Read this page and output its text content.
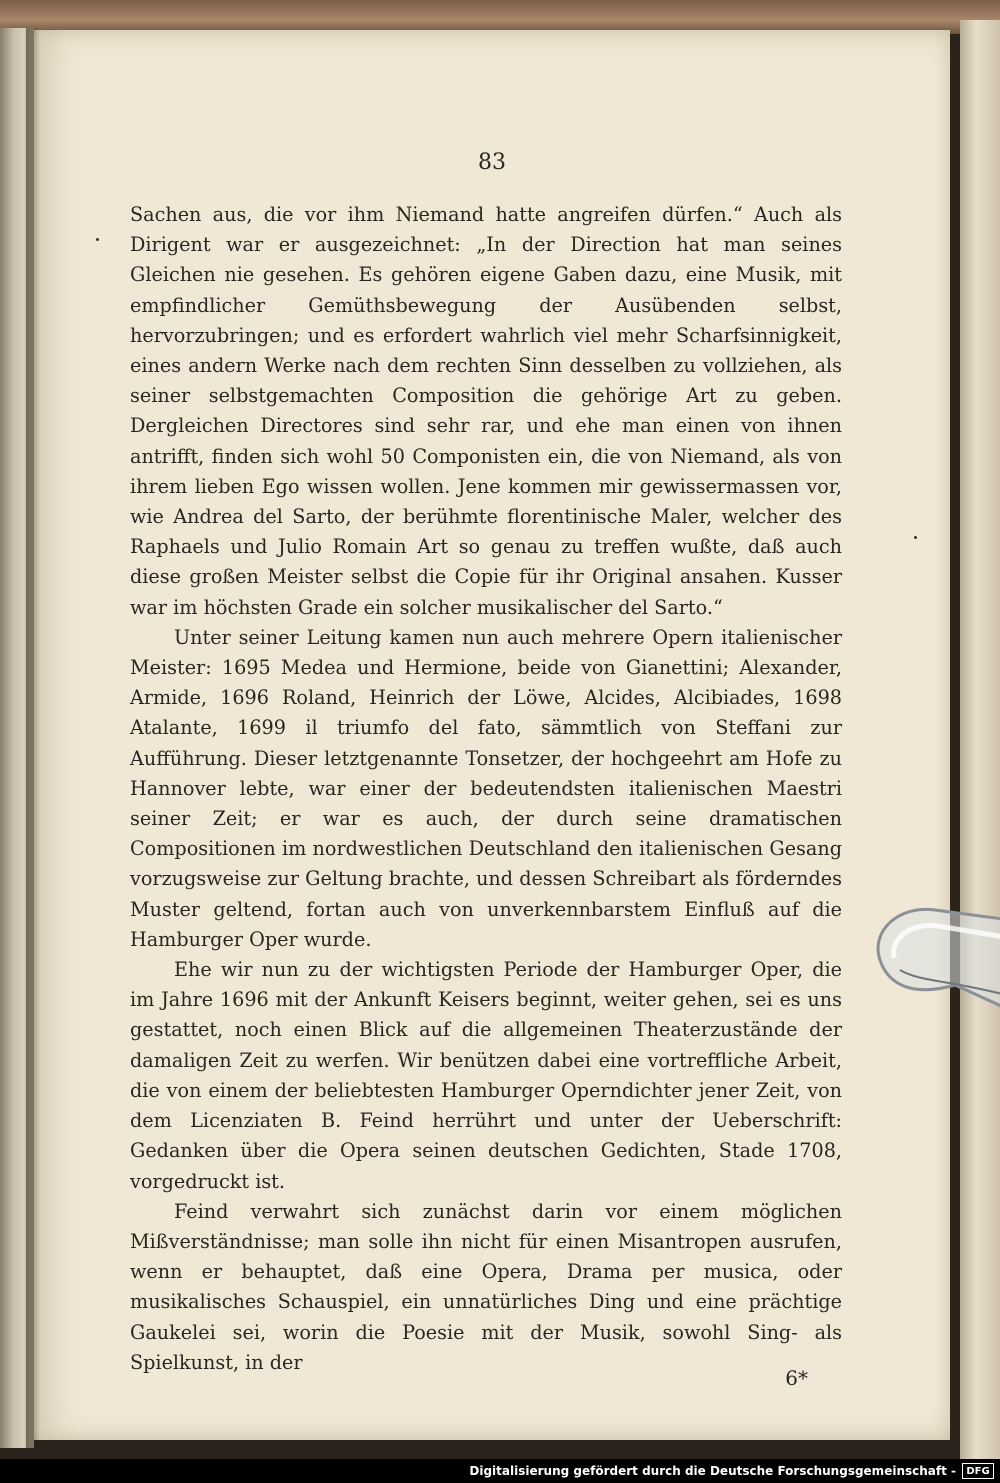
83

Sachen aus, die vor ihm Niemand hatte angreifen dürfen.“ Auch als Dirigent war er ausgezeichnet: „In der Direction hat man seines Gleichen nie gesehen. Es gehören eigene Gaben dazu, eine Musik, mit empfindlicher Gemüthsbewegung der Ausübenden selbst, hervorzubringen; und es erfordert wahrlich viel mehr Scharfsinnigkeit, eines andern Werke nach dem rechten Sinn desselben zu vollziehen, als seiner selbstgemachten Composition die gehörige Art zu geben. Dergleichen Directores sind sehr rar, und ehe man einen von ihnen antrifft, finden sich wohl 50 Componisten ein, die von Niemand, als von ihrem lieben Ego wissen wollen. Jene kommen mir gewissermassen vor, wie Andrea del Sarto, der berühmte florentinische Maler, welcher des Raphaels und Julio Romain Art so genau zu treffen wußte, daß auch diese großen Meister selbst die Copie für ihr Original ansahen. Kusser war im höchsten Grade ein solcher musikalischer del Sarto.“

Unter seiner Leitung kamen nun auch mehrere Opern italienischer Meister: 1695 Medea und Hermione, beide von Gianettini; Alexander, Armide, 1696 Roland, Heinrich der Löwe, Alcides, Alcibiades, 1698 Atalante, 1699 il triumfo del fato, sämmtlich von Steffani zur Aufführung. Dieser letztgenannte Tonsetzer, der hochgeehrt am Hofe zu Hannover lebte, war einer der bedeutendsten italienischen Maestri seiner Zeit; er war es auch, der durch seine dramatischen Compositionen im nordwestlichen Deutschland den italienischen Gesang vorzugsweise zur Geltung brachte, und dessen Schreibart als förderndes Muster geltend, fortan auch von unverkennbarstem Einfluß auf die Hamburger Oper wurde.

Ehe wir nun zu der wichtigsten Periode der Hamburger Oper, die im Jahre 1696 mit der Ankunft Keisers beginnt, weiter gehen, sei es uns gestattet, noch einen Blick auf die allgemeinen Theaterzustände der damaligen Zeit zu werfen. Wir benützen dabei eine vortreffliche Arbeit, die von einem der beliebtesten Hamburger Operndichter jener Zeit, von dem Licenziaten B. Feind herrührt und unter der Ueberschrift: Gedanken über die Opera seinen deutschen Gedichten, Stade 1708, vorgedruckt ist.

Feind verwahrt sich zunächst darin vor einem möglichen Mißverständnisse; man solle ihn nicht für einen Misantropen ausrufen, wenn er behauptet, daß eine Opera, Drama per musica, oder musikalisches Schauspiel, ein unnatürliches Ding und eine prächtige Gaukelei sei, worin die Poesie mit der Musik, sowohl Sing- als Spielkunst, in der

6*
Digitalisierung gefördert durch die Deutsche Forschungsgemeinschaft -	DFG
